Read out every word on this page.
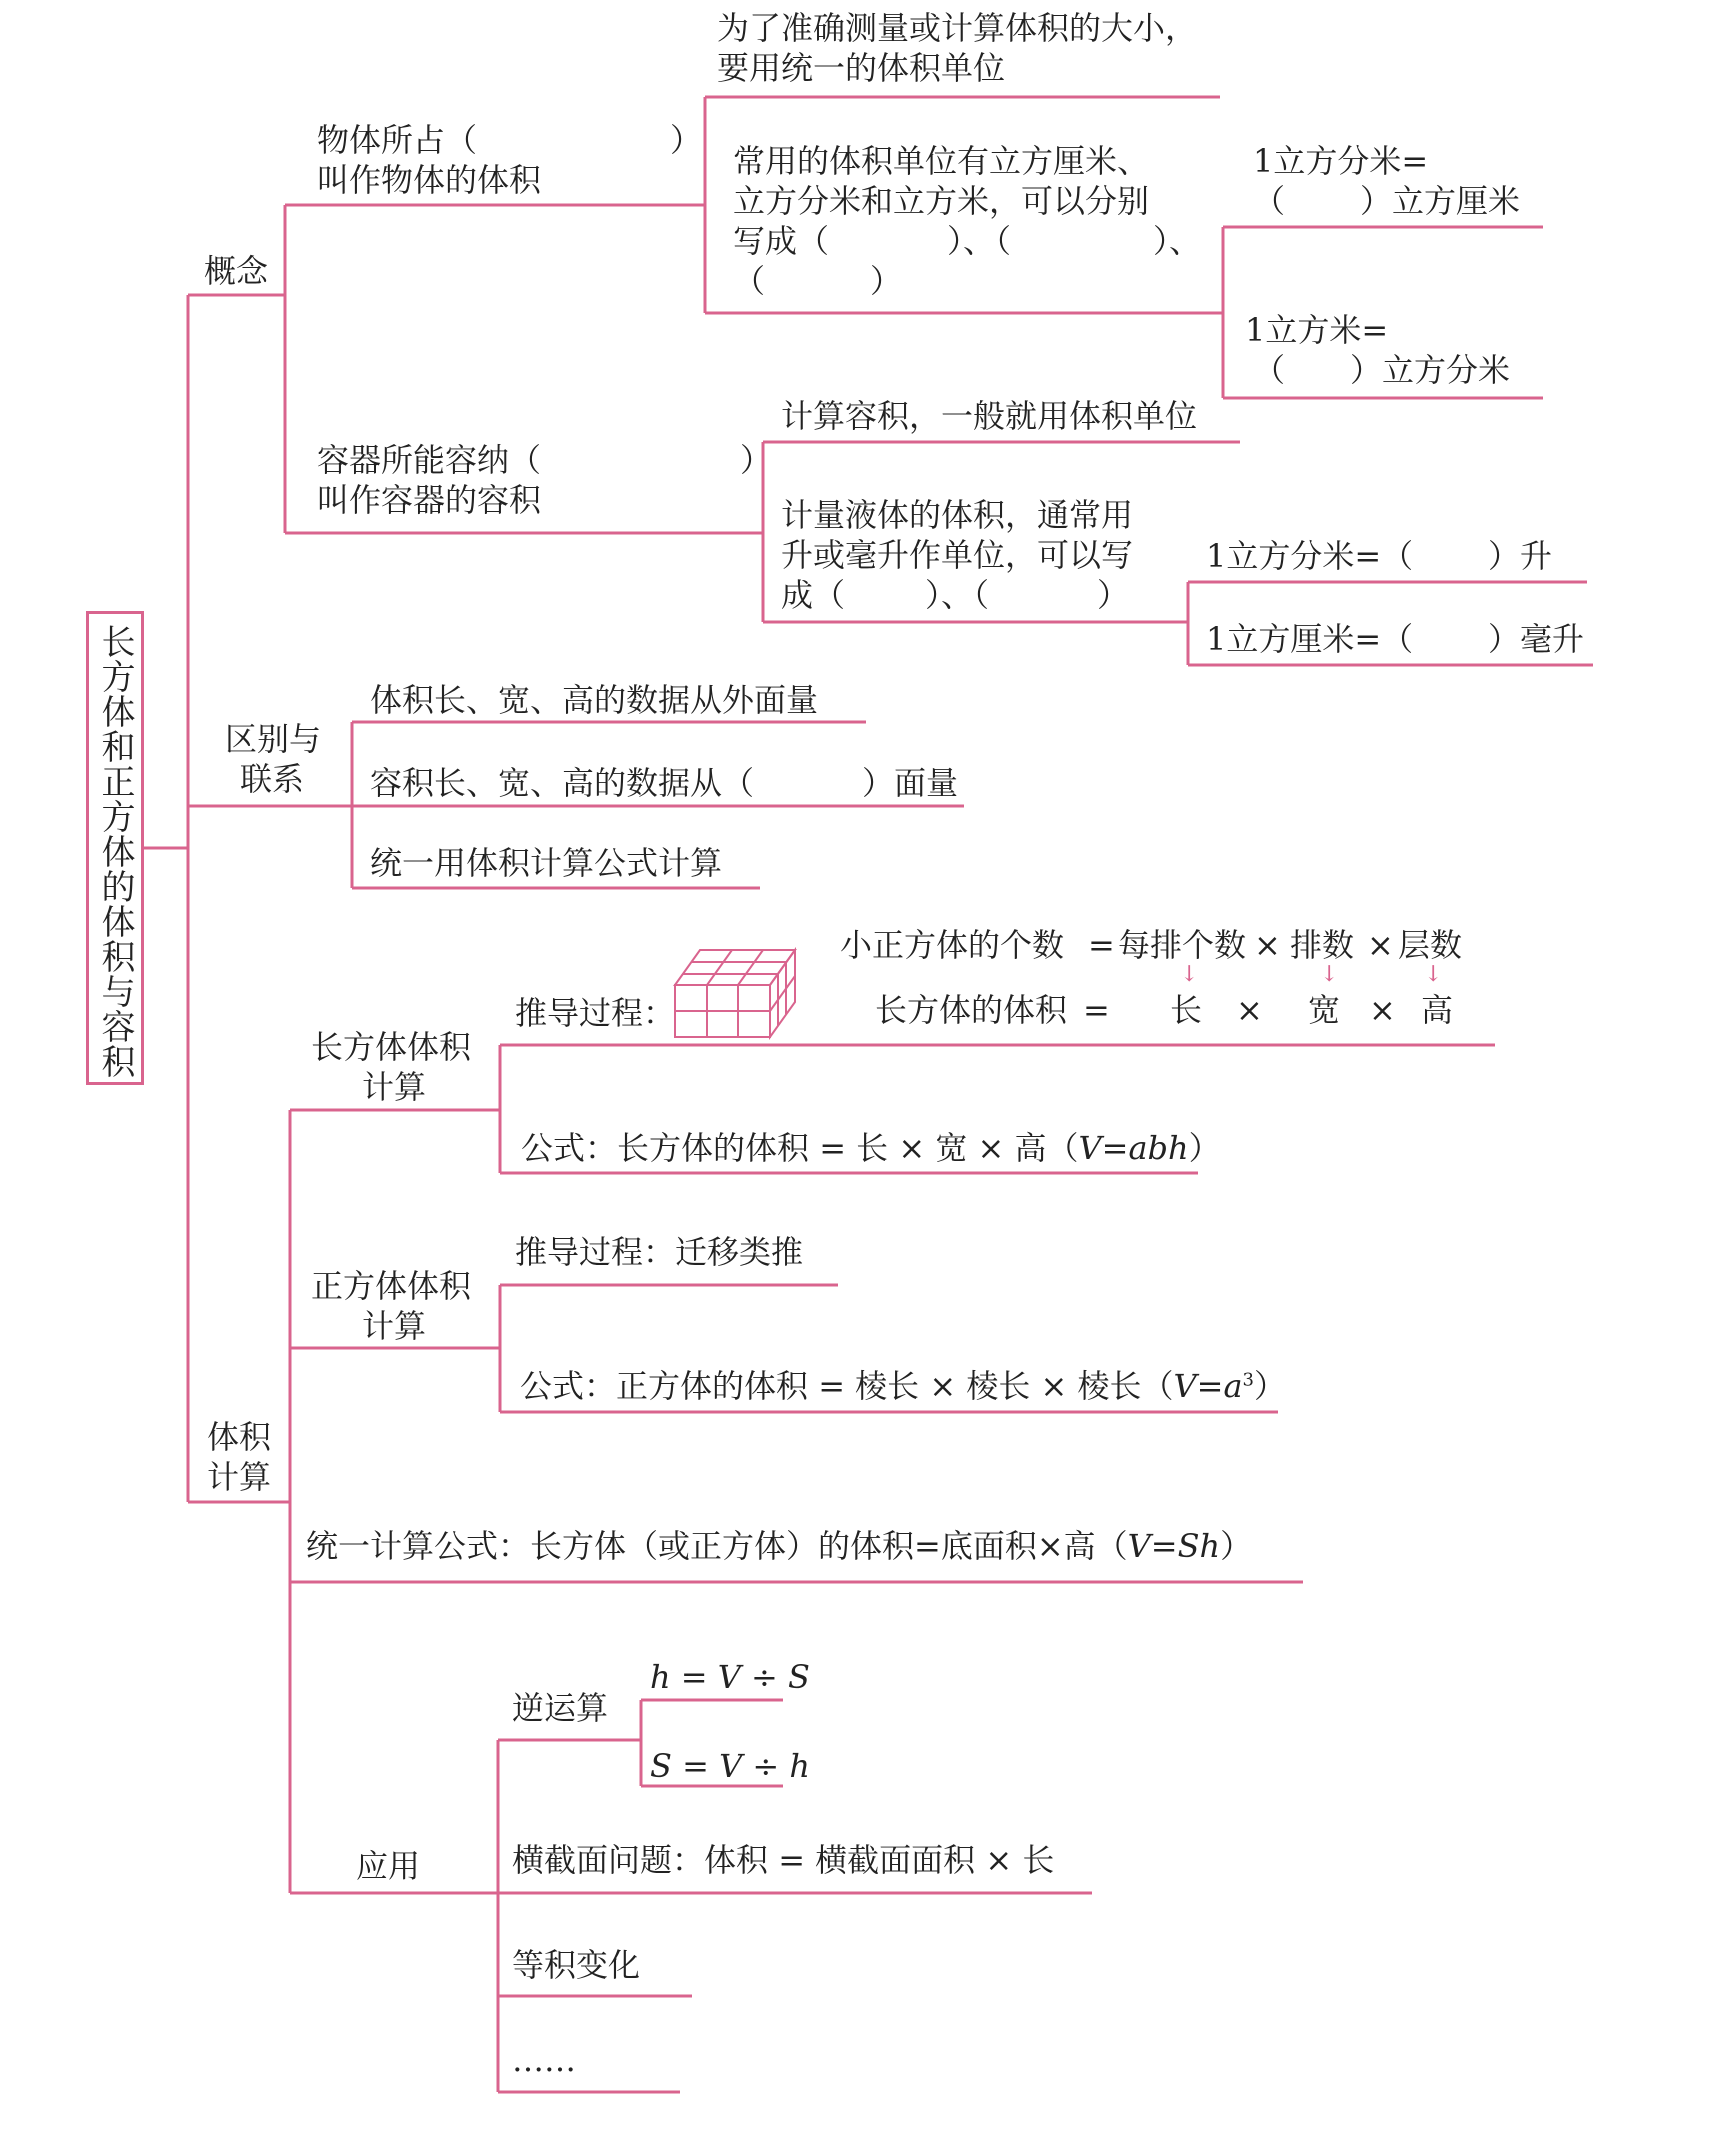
长方体和正方体的体积与容积
概念
物体所占（	）
叫作物体的体积
为了准确测量或计算体积的大小，
要用统一的体积单位
常用的体积单位有立方厘米、
立方分米和立方米，可以分别
写成（	）、（	）、
（	）
1立方分米=
（ ）立方厘米
1立方米=
（ ）立方分米
容器所能容纳（	）
叫作容器的容积
计算容积，一般就用体积单位
计量液体的体积，通常用
升或毫升作单位，可以写
成（ ）、（	）
1立方分米=（ ）升
1立方厘米=（ ）毫升
区别与
联系
体积长、宽、高的数据从外面量
容积长、宽、高的数据从（	）面量
统一用体积计算公式计算
体积
计算
长方体体积
计算
推导过程：
小正方体的个数 = 每排个数 × 排数 × 层数
↓	↓	↓
长方体的体积 = 长 × 宽 × 高
公式：长方体的体积 = 长 × 宽 × 高（V=abh）
正方体体积
计算
推导过程：迁移类推
公式：正方体的体积 = 棱长 × 棱长 × 棱长$(V=a^3)$
统一计算公式：长方体（或正方体）的体积=底面积×高（V=Sh）
应用
逆运算
h = V ÷ S
S = V ÷ h
横截面问题：体积 = 横截面面积 × 长
等积变化
……
